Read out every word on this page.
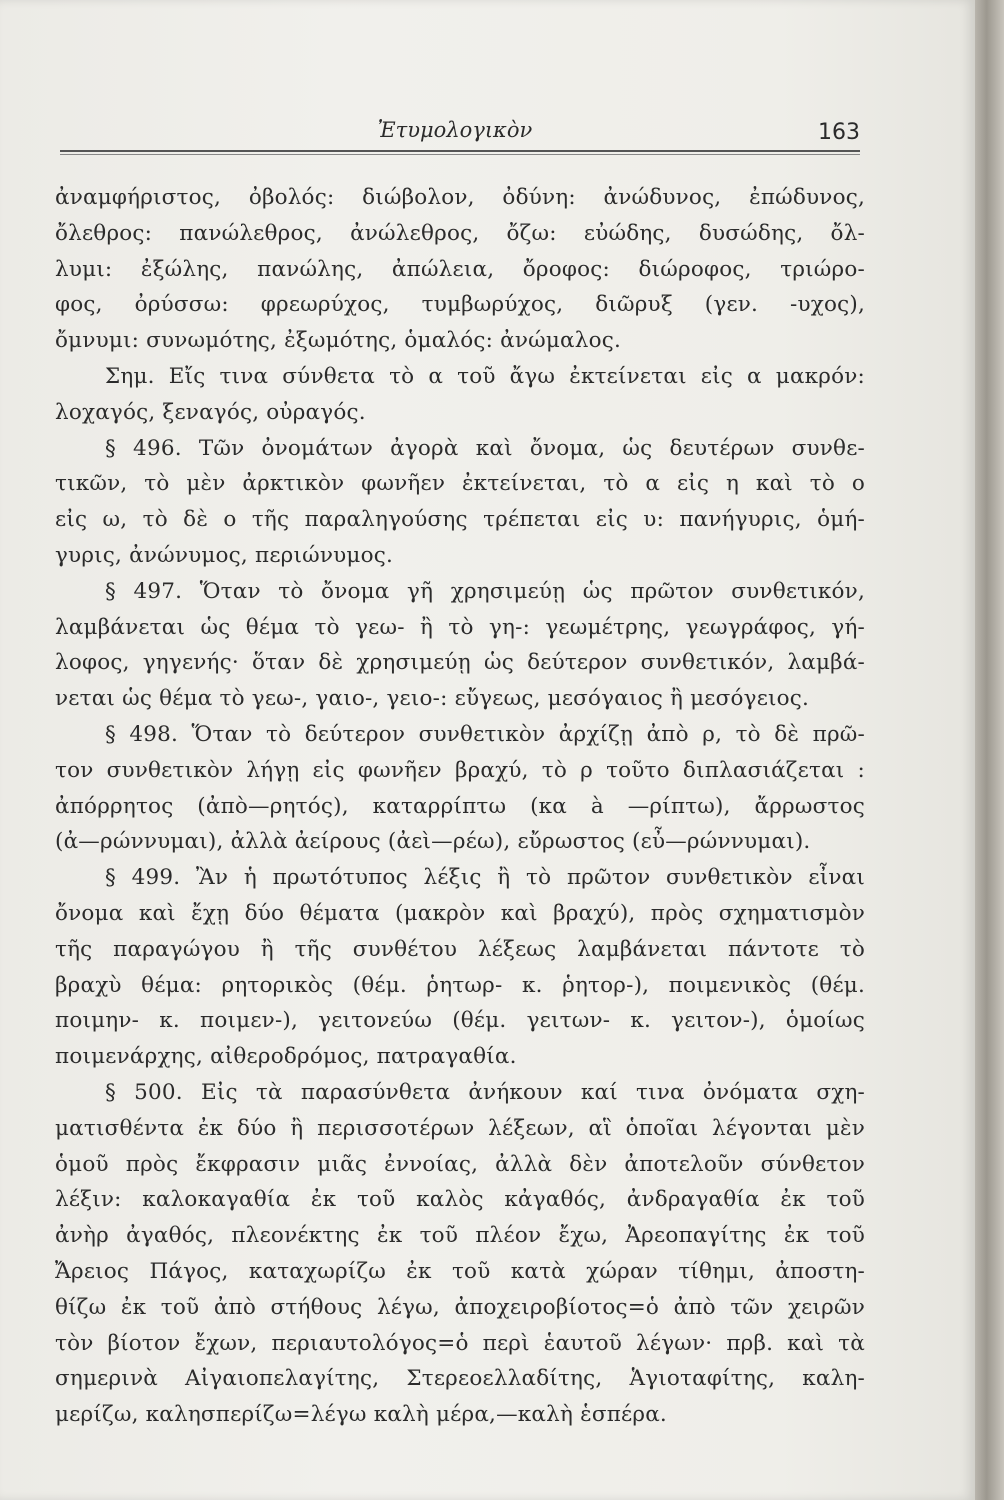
Ἐτυμολογικὸν	163
ἀναμφήριστος, ὀβολός: διώβολον, ὀδύνη: ἀνώδυνος, ἐπώδυνος,
ὄλεθρος: πανώλεθρος, ἀνώλεθρος, ὄζω: εὐώδης, δυσώδης, ὄλ-
λυμι: ἐξώλης, πανώλης, ἀπώλεια, ὄροφος: διώροφος, τριώρο-
φος, ὀρύσσω: φρεωρύχος, τυμβωρύχος, διῶρυξ (γεν. -υχος),
ὄμνυμι: συνωμότης, ἐξωμότης, ὁμαλός: ἀνώμαλος.
Σημ. Εἴς τινα σύνθετα τὸ α τοῦ ἄγω ἐκτείνεται εἰς α μακρόν:
λοχαγός, ξεναγός, οὐραγός.
§ 496. Τῶν ὀνομάτων ἀγορὰ καὶ ὄνομα, ὡς δευτέρων συνθε-
τικῶν, τὸ μὲν ἀρκτικὸν φωνῆεν ἐκτείνεται, τὸ α εἰς η καὶ τὸ ο
εἰς ω, τὸ δὲ ο τῆς παραληγούσης τρέπεται εἰς υ: πανήγυρις, ὁμή-
γυρις, ἀνώνυμος, περιώνυμος.
§ 497. Ὅταν τὸ ὄνομα γῆ χρησιμεύῃ ὡς πρῶτον συνθετικόν,
λαμβάνεται ὡς θέμα τὸ γεω- ἢ τὸ γη-: γεωμέτρης, γεωγράφος, γή-
λοφος, γηγενής· ὅταν δὲ χρησιμεύῃ ὡς δεύτερον συνθετικόν, λαμβά-
νεται ὡς θέμα τὸ γεω-, γαιο-, γειο-: εὔγεως, μεσόγαιος ἢ μεσόγειος.
§ 498. Ὅταν τὸ δεύτερον συνθετικὸν ἀρχίζῃ ἀπὸ ρ, τὸ δὲ πρῶ-
τον συνθετικὸν λήγῃ εἰς φωνῆεν βραχύ, τὸ ρ τοῦτο διπλασιάζεται :
ἀπόρρητος (ἀπὸ—ρητός), καταρρίπτω (κα à —ρίπτω), ἄρρωστος
(ἀ—ρώννυμαι), ἀλλὰ ἀείρους (ἀεὶ—ρέω), εὔρωστος (εὖ—ρώννυμαι).
§ 499. Ἂν ἡ πρωτότυπος λέξις ἢ τὸ πρῶτον συνθετικὸν εἶναι
ὄνομα καὶ ἔχῃ δύο θέματα (μακρὸν καὶ βραχύ), πρὸς σχηματισμὸν
τῆς παραγώγου ἢ τῆς συνθέτου λέξεως λαμβάνεται πάντοτε τὸ
βραχὺ θέμα: ρητορικὸς (θέμ. ῥητωρ- κ. ῥητορ-), ποιμενικὸς (θέμ.
ποιμην- κ. ποιμεν-), γειτονεύω (θέμ. γειτων- κ. γειτον-), ὁμοίως
ποιμενάρχης, αἰθεροδρόμος, πατραγαθία.
§ 500. Εἰς τὰ παρασύνθετα ἀνήκουν καί τινα ὀνόματα σχη-
ματισθέντα ἐκ δύο ἢ περισσοτέρων λέξεων, αἳ ὁποῖαι λέγονται μὲν
ὁμοῦ πρὸς ἔκφρασιν μιᾶς ἐννοίας, ἀλλὰ δὲν ἀποτελοῦν σύνθετον
λέξιν: καλοκαγαθία ἐκ τοῦ καλὸς κἀγαθός, ἀνδραγαθία ἐκ τοῦ
ἀνὴρ ἀγαθός, πλεονέκτης ἐκ τοῦ πλέον ἔχω, Ἀρεοπαγίτης ἐκ τοῦ
Ἄρειος Πάγος, καταχωρίζω ἐκ τοῦ κατὰ χώραν τίθημι, ἀποστη-
θίζω ἐκ τοῦ ἀπὸ στήθους λέγω, ἀποχειροβίοτος=ὁ ἀπὸ τῶν χειρῶν
τὸν βίοτον ἔχων, περιαυτολόγος=ὁ περὶ ἑαυτοῦ λέγων· πρβ. καὶ τὰ
σημερινὰ Αἰγαιοπελαγίτης, Στερεοελλαδίτης, Ἁγιοταφίτης, καλη-
μερίζω, καλησπερίζω=λέγω καλὴ μέρα,—καλὴ ἑσπέρα.
